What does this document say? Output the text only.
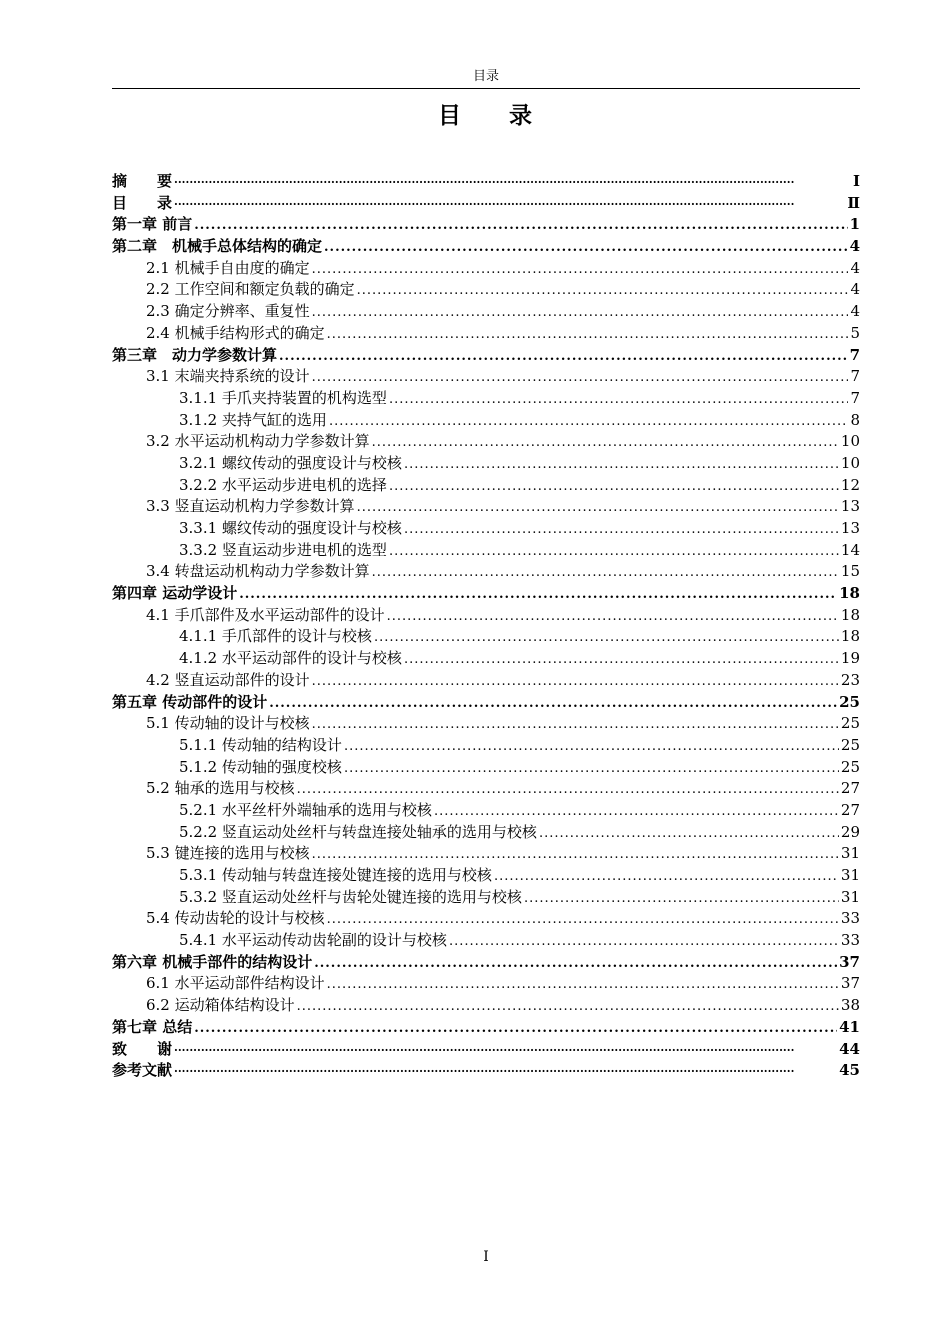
目录
目 录
摘　　要 ·····	Ⅰ
目　　录 ·····	Ⅱ
第一章 前言 .....	1
第二章　机械手总体结构的确定 .....	4
2.1 机械手自由度的确定 .....	4
2.2 工作空间和额定负载的确定 .....	4
2.3 确定分辨率、重复性 .....	4
2.4 机械手结构形式的确定 .....	5
第三章　动力学参数计算 .....	7
3.1 末端夹持系统的设计 .....	7
3.1.1 手爪夹持装置的机构选型 .....	7
3.1.2 夹持气缸的选用 .....	8
3.2 水平运动机构动力学参数计算 .....	10
3.2.1 螺纹传动的强度设计与校核 .....	10
3.2.2 水平运动步进电机的选择 .....	12
3.3 竖直运动机构力学参数计算 .....	13
3.3.1 螺纹传动的强度设计与校核 .....	13
3.3.2 竖直运动步进电机的选型 .....	14
3.4 转盘运动机构动力学参数计算 .....	15
第四章 运动学设计 .....	18
4.1 手爪部件及水平运动部件的设计 .....	18
4.1.1 手爪部件的设计与校核 .....	18
4.1.2 水平运动部件的设计与校核 .....	19
4.2 竖直运动部件的设计 .....	23
第五章 传动部件的设计 .....	25
5.1 传动轴的设计与校核 .....	25
5.1.1 传动轴的结构设计 .....	25
5.1.2 传动轴的强度校核 .....	25
5.2 轴承的选用与校核 .....	27
5.2.1 水平丝杆外端轴承的选用与校核 .....	27
5.2.2 竖直运动处丝杆与转盘连接处轴承的选用与校核 .....	29
5.3 键连接的选用与校核 .....	31
5.3.1 传动轴与转盘连接处键连接的选用与校核 .....	31
5.3.2 竖直运动处丝杆与齿轮处键连接的选用与校核 .....	31
5.4 传动齿轮的设计与校核 .....	33
5.4.1 水平运动传动齿轮副的设计与校核 .....	33
第六章 机械手部件的结构设计 .....	37
6.1 水平运动部件结构设计 .....	37
6.2 运动箱体结构设计 .....	38
第七章 总结 .....	41
致　　谢 ·····	44
参考文献 ·····	45
I
